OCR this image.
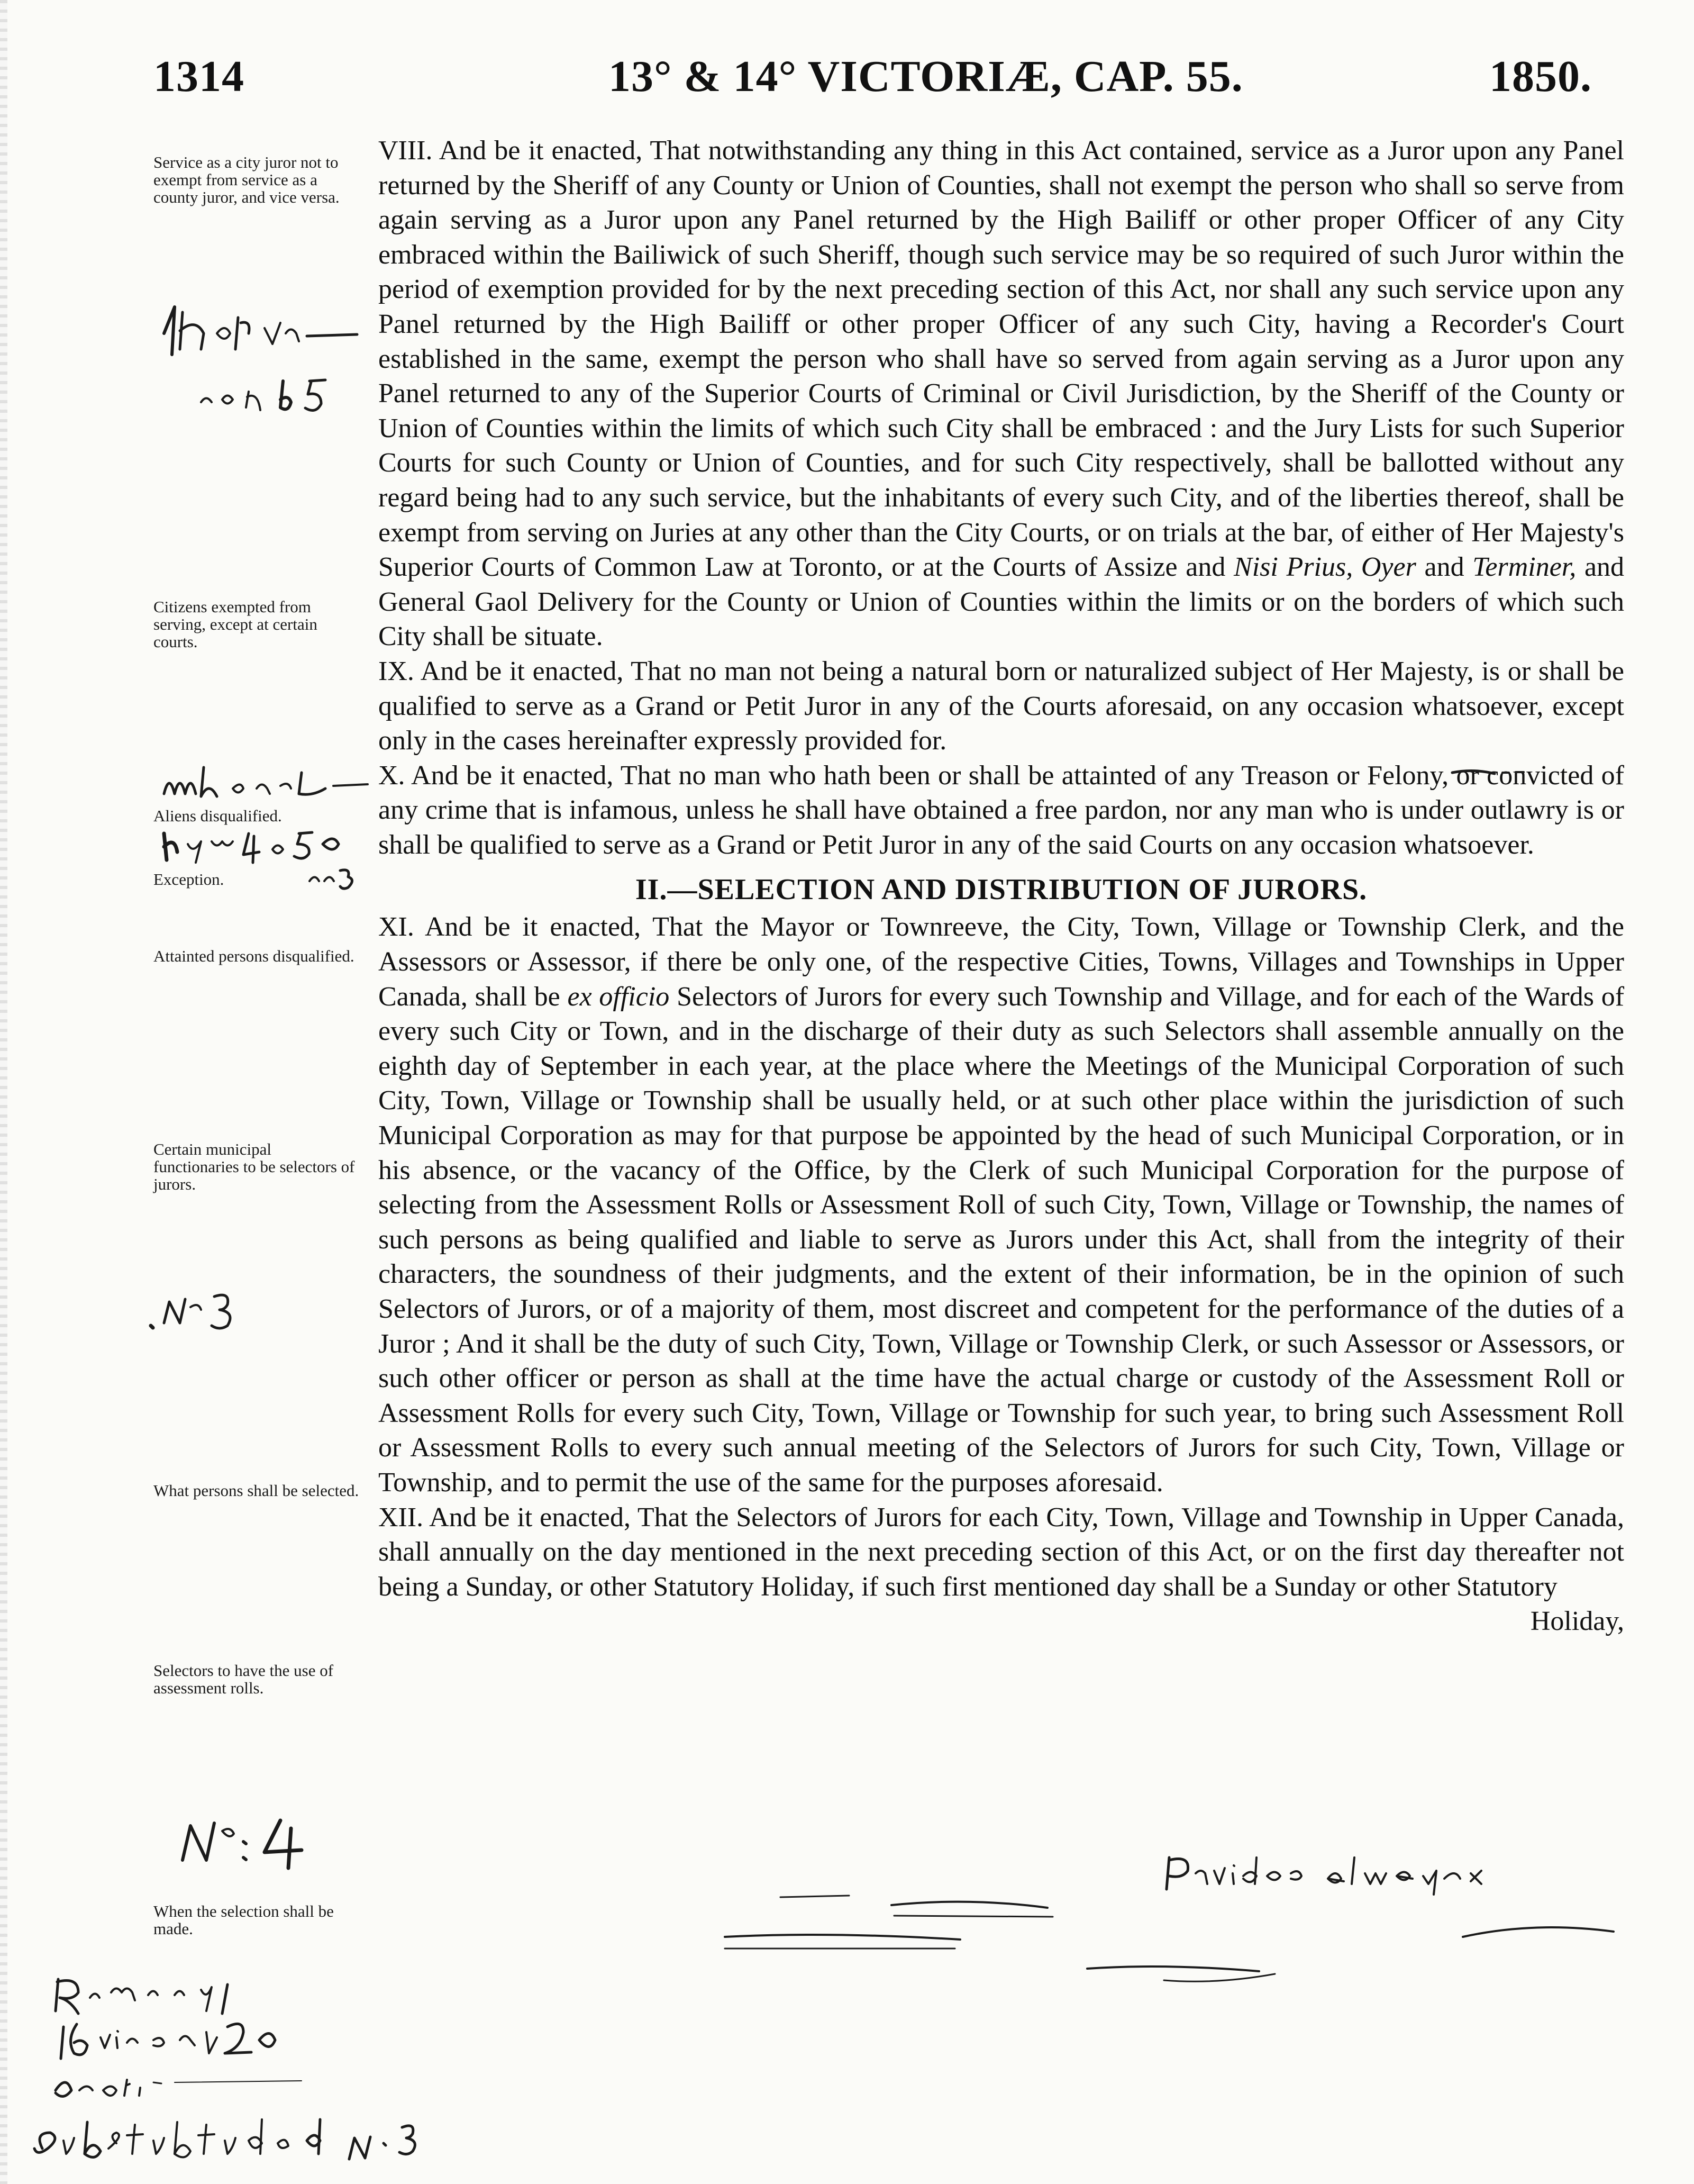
1314	13° & 14° VICTORIÆ, CAP. 55.	1850.
Service as a city juror not to exempt from service as a county juror, and vice versa.
Citizens exempted from serving, except at certain courts.
Aliens disqualified.
Exception.
Attainted persons disqualified.
Certain municipal functionaries to be selectors of jurors.
What persons shall be selected.
Selectors to have the use of assessment rolls.
When the selection shall be made.

VIII. And be it enacted, That notwithstanding any thing in this Act contained, service as a Juror upon any Panel returned by the Sheriff of any County or Union of Counties, shall not exempt the person who shall so serve from again serving as a Juror upon any Panel returned by the High Bailiff or other proper Officer of any City embraced within the Bailiwick of such Sheriff, though such service may be so required of such Juror within the period of exemption provided for by the next preceding section of this Act, nor shall any such service upon any Panel returned by the High Bailiff or other proper Officer of any such City, having a Recorder's Court established in the same, exempt the person who shall have so served from again serving as a Juror upon any Panel returned to any of the Superior Courts of Criminal or Civil Jurisdiction, by the Sheriff of the County or Union of Counties within the limits of which such City shall be embraced : and the Jury Lists for such Superior Courts for such County or Union of Counties, and for such City respectively, shall be ballotted without any regard being had to any such service, but the inhabitants of every such City, and of the liberties thereof, shall be exempt from serving on Juries at any other than the City Courts, or on trials at the bar, of either of Her Majesty's Superior Courts of Common Law at Toronto, or at the Courts of Assize and Nisi Prius, Oyer and Terminer, and General Gaol Delivery for the County or Union of Counties within the limits or on the borders of which such City shall be situate.

IX. And be it enacted, That no man not being a natural born or naturalized subject of Her Majesty, is or shall be qualified to serve as a Grand or Petit Juror in any of the Courts aforesaid, on any occasion whatsoever, except only in the cases hereinafter expressly provided for.

X. And be it enacted, That no man who hath been or shall be attainted of any Treason or Felony, or convicted of any crime that is infamous, unless he shall have obtained a free pardon, nor any man who is under outlawry is or shall be qualified to serve as a Grand or Petit Juror in any of the said Courts on any occasion whatsoever.

II.—SELECTION AND DISTRIBUTION OF JURORS.

XI. And be it enacted, That the Mayor or Townreeve, the City, Town, Village or Township Clerk, and the Assessors or Assessor, if there be only one, of the respective Cities, Towns, Villages and Townships in Upper Canada, shall be ex officio Selectors of Jurors for every such Township and Village, and for each of the Wards of every such City or Town, and in the discharge of their duty as such Selectors shall assemble annually on the eighth day of September in each year, at the place where the Meetings of the Municipal Corporation of such City, Town, Village or Township shall be usually held, or at such other place within the jurisdiction of such Municipal Corporation as may for that purpose be appointed by the head of such Municipal Corporation, or in his absence, or the vacancy of the Office, by the Clerk of such Municipal Corporation for the purpose of selecting from the Assessment Rolls or Assessment Roll of such City, Town, Village or Township, the names of such persons as being qualified and liable to serve as Jurors under this Act, shall from the integrity of their characters, the soundness of their judgments, and the extent of their information, be in the opinion of such Selectors of Jurors, or of a majority of them, most discreet and competent for the performance of the duties of a Juror ; And it shall be the duty of such City, Town, Village or Township Clerk, or such Assessor or Assessors, or such other officer or person as shall at the time have the actual charge or custody of the Assessment Roll or Assessment Rolls for every such City, Town, Village or Township for such year, to bring such Assessment Roll or Assessment Rolls to every such annual meeting of the Selectors of Jurors for such City, Town, Village or Township, and to permit the use of the same for the purposes aforesaid.

XII. And be it enacted, That the Selectors of Jurors for each City, Town, Village and Township in Upper Canada, shall annually on the day mentioned in the next preceding section of this Act, or on the first day thereafter not being a Sunday, or other Statutory Holiday, if such first mentioned day shall be a Sunday or other Statutory

Holiday,
